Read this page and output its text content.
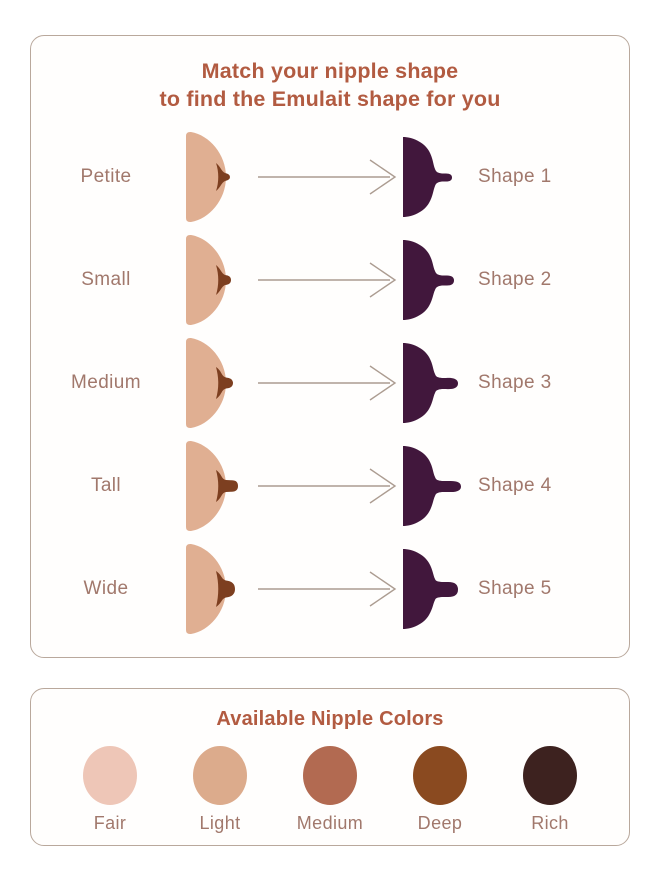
Match your nipple shape
to find the Emulait shape for you
Petite	Shape 1
Small	Shape 2
Medium	Shape 3
Tall	Shape 4
Wide	Shape 5
Available Nipple Colors
Fair	Light	Medium	Deep	Rich
